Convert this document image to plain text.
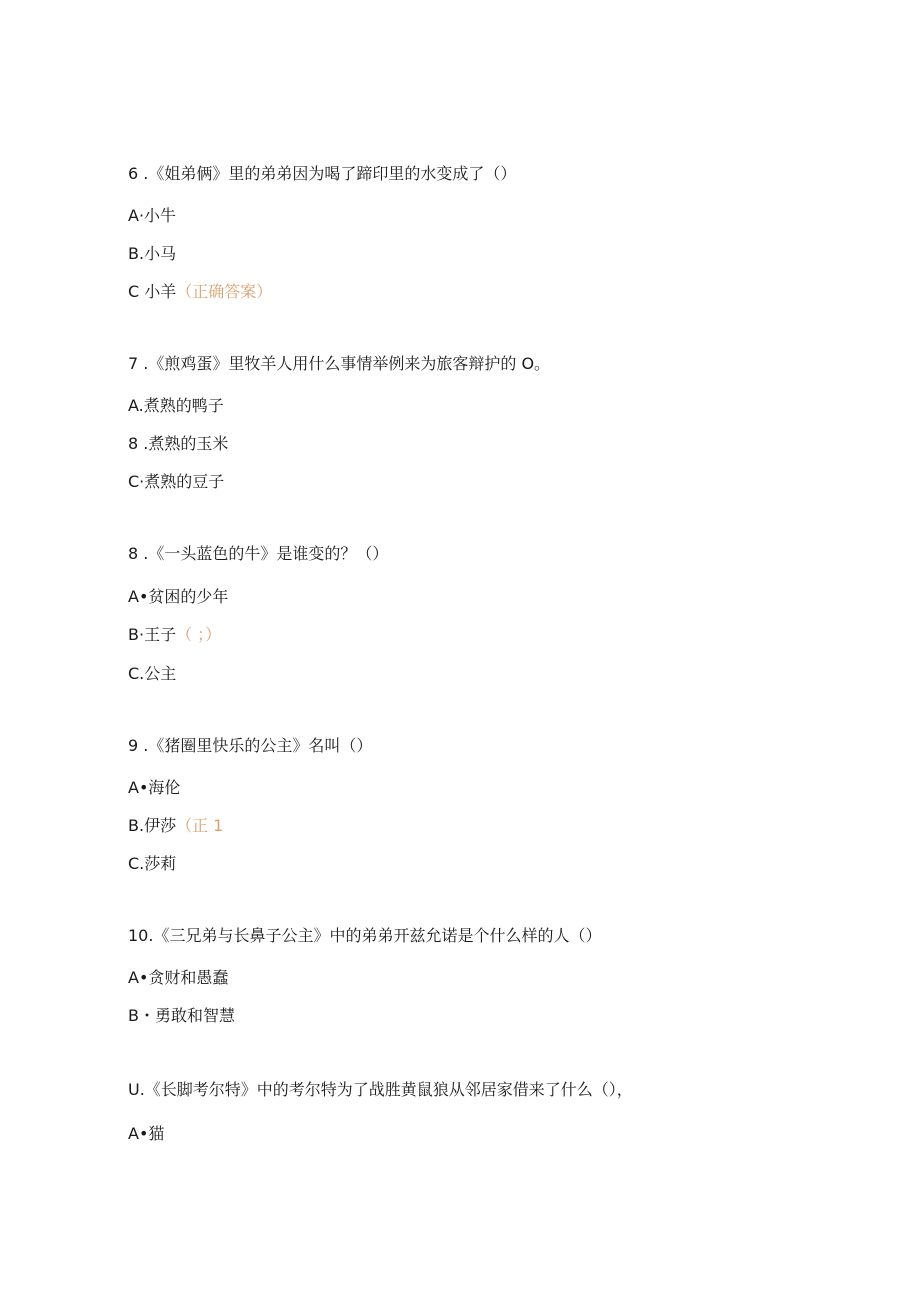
6 .《姐弟俩》里的弟弟因为喝了蹄印里的水变成了（）
A·小牛
B.小马
C 小羊（正确答案）
7 .《煎鸡蛋》里牧羊人用什么事情举例来为旅客辩护的 O。
A.煮熟的鸭子
8 .煮熟的玉米
C·煮熟的豆子
8 .《一头蓝色的牛》是谁变的？（）
A•贫困的少年
B·王子（ ；）
C.公主
9 .《猪圈里快乐的公主》名叫（）
A•海伦
B.伊莎（正 1
C.莎莉
10.《三兄弟与长鼻子公主》中的弟弟开兹允诺是个什么样的人（）
A•贪财和愚蠢
B・勇敢和智慧
U.《长脚考尔特》中的考尔特为了战胜黄鼠狼从邻居家借来了什么（），
A•猫
